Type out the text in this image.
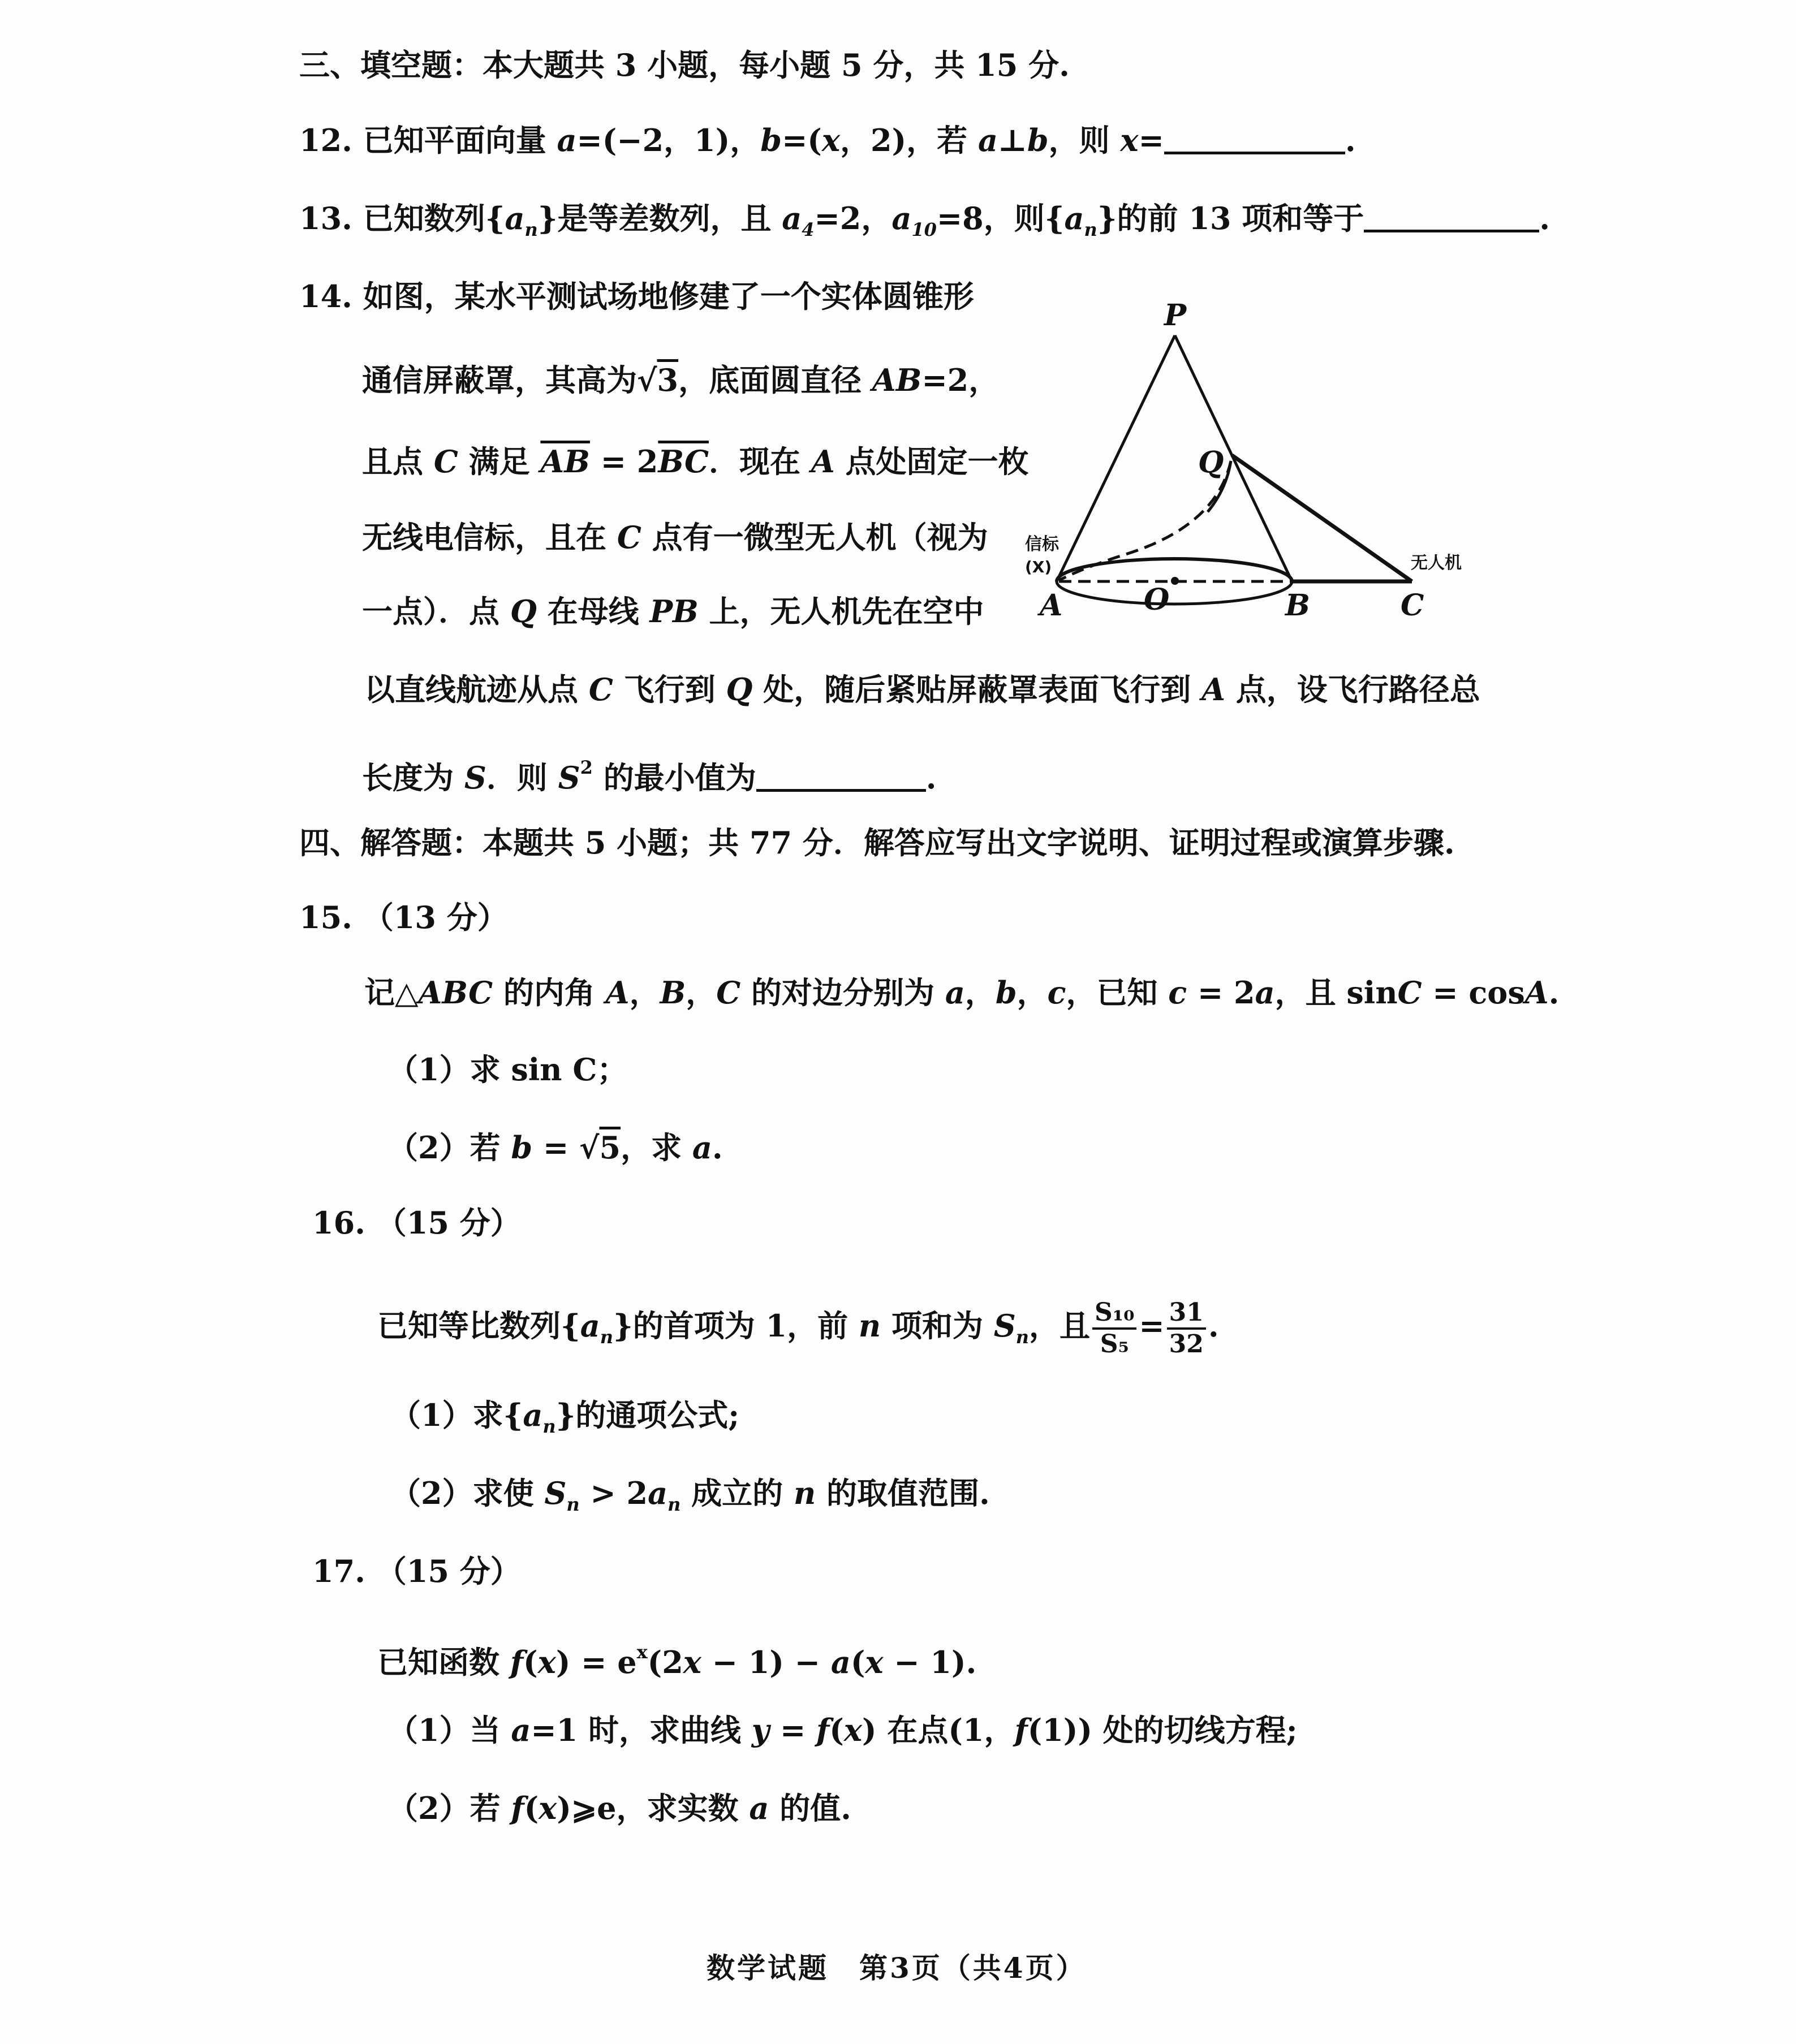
三、填空题：本大题共 3 小题，每小题 5 分，共 15 分.
12. 已知平面向量 a=(−2，1)，b=(x，2)，若 a⊥b，则 x=	.
13. 已知数列$\{a_n\}$是等差数列，且 $a_4=2$，$a_{10}=8$，则$\{a_n\}$的前 13 项和等于	.
14. 如图，某水平测试场地修建了一个实体圆锥形
通信屏蔽罩，其高为√3，底面圆直径 AB=2，
且点 C 满足 $\overline{AB} = 2\overline{BC}$．现在 A 点处固定一枚
无线电信标，且在 C 点有一微型无人机（视为
一点）．点 Q 在母线 PB 上，无人机先在空中
以直线航迹从点 C 飞行到 Q 处，随后紧贴屏蔽罩表面飞行到 A 点，设飞行路径总
长度为 S．则 $S^2$ 的最小值为	.
四、解答题：本题共 5 小题；共 77 分．解答应写出文字说明、证明过程或演算步骤.
15. （13 分）
记△ABC 的内角 A，B，C 的对边分别为 a，b，c，已知 c = 2a，且 sinC = cosA.
（1）求 sin C；
（2）若 b = √5，求 a.
16. （15 分）
已知等比数列$\{a_n\}$的首项为 1，前 n 项和为 $S_n$，且 $\frac{\text{S₁₀}}{\text{S₅}} = \frac{31}{32}$ .
（1）求$\{a_n\}$的通项公式;
（2）求使 $S_n > 2a_n$ 成立的 n 的取值范围.
17. （15 分）
已知函数 $f(x) = e^x(2x - 1) - a(x - 1)$.
（1）当 a=1 时，求曲线 y = f(x) 在点(1，f(1)) 处的切线方程;
（2）若 f(x)⩾e，求实数 a 的值.
P
Q
A	O	B	C
信标
无人机
(X)
数学试题　第3页（共4页）
